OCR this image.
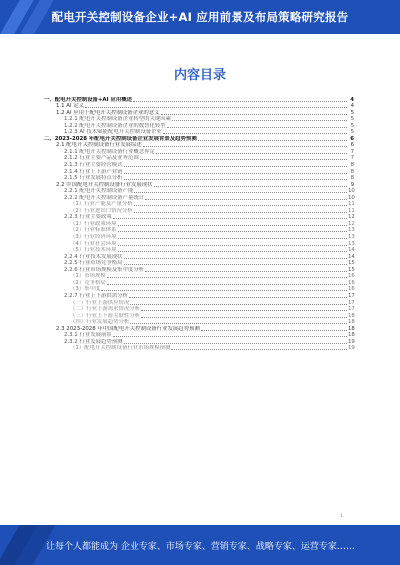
配电开关控制设备企业+AI 应用前景及布局策略研究报告
内容目录
一、配电开关控制设备+AI 应用概述	4
1.1 AI 定义	4
1.2 AI 应用于配电开关控制设备企业的意义	5
1.2.1 配电开关控制设备企业转型的关键因素	5
1.2.2 配电开关控制设备企业的数智化转型	5
1.2.3 AI 技术赋能配电开关控制设备企业	5
二、2023-2028 年配电开关控制设备企业发展背景及趋势预测	6
2.1 配电开关控制设备行业发展综述	6
2.1.1 配电开关控制设备行业概念界定	7
2.1.2 行业主要产品及业务范围	7
2.1.3 行业主要经营模式	8
2.1.4 行业上下游产业链	8
2.1.5 行业发展特点分析	8
2.2 中国配电开关控制设备行业发展现状	9
2.2.1 配电开关控制设备产能	10
2.2.2 配电开关控制设备产量统计	10
（1）行业产能及产量分析	11
（2）行业进出口情况分析	11
2.2.3 行业主要政策	12
（1）行业政策环境	12
（2）行业标准体系	13
（3）行业经济环境	13
（4）行业社会环境	13
（5）行业技术环境	14
2.2.4 行业技术发展现状	14
2.2.5 行业市场竞争格局	15
2.2.6 行业市场规模及集中度分析	15
（1）市场规模	16
（2）竞争格局	16
（3）集中度	16
2.2.7 行业上下游供需分析	17
（一）行业上游供应情况	17
（二）行业下游需求情况分析	17
（三）行业上下游关联性分析	18
（四）行业发展趋势分析	18
2.3 2023-2028 年中国配电开关控制设备行业发展趋势预测	18
2.3.1 行业发展前景	18
2.3.2 行业发展趋势预测	19
（1）配电开关控制设备行业市场规模预测	19
1
让每个人都能成为 企业专家、市场专家、营销专家、战略专家、运营专家……
